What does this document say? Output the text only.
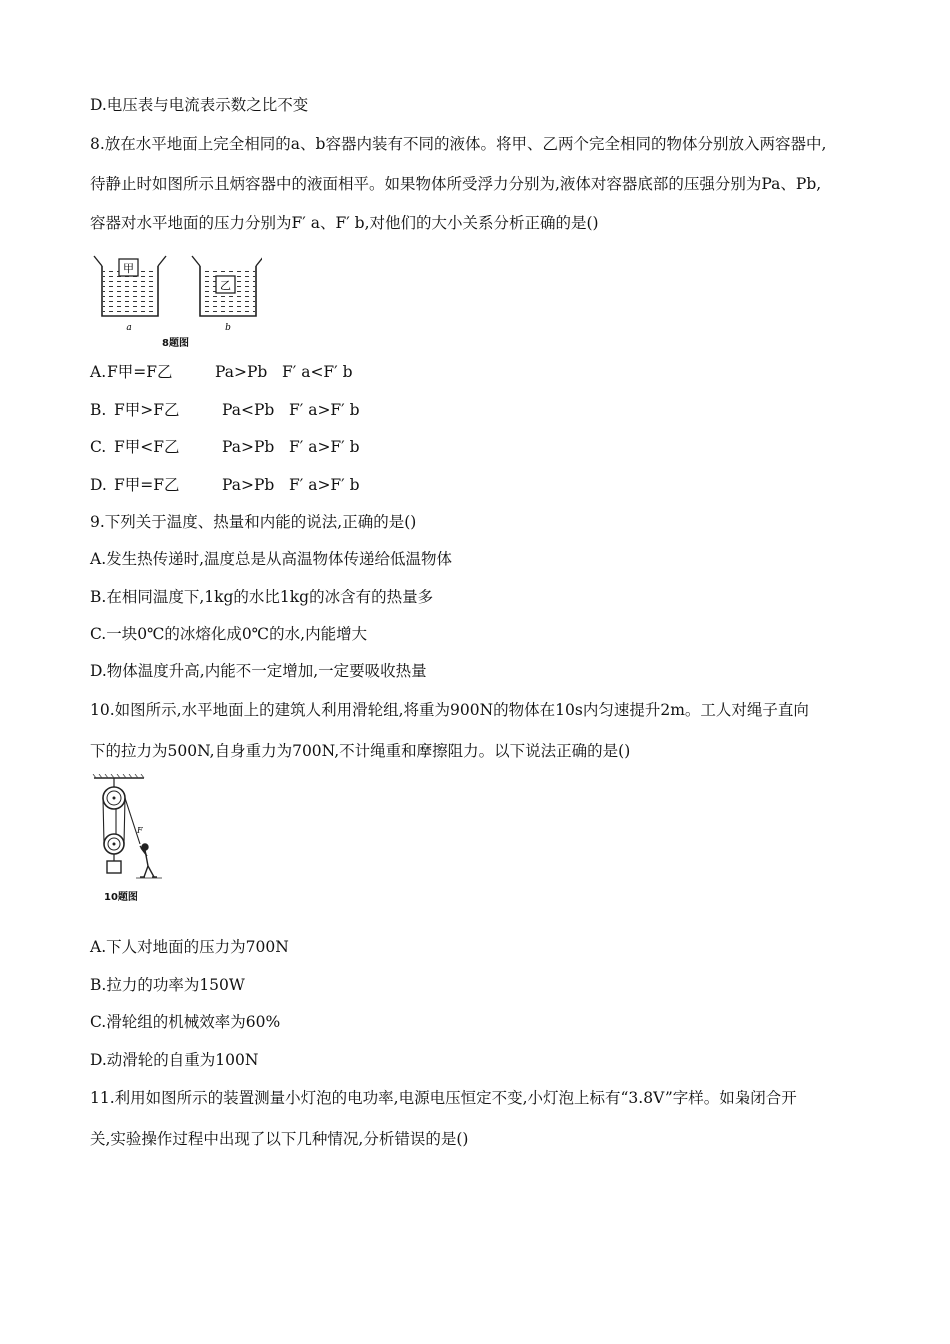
D.电压表与电流表示数之比不变
8.放在水平地面上完全相同的a、b容器内装有不同的液体。将甲、乙两个完全相同的物体分别放入两容器中,
待静止时如图所示且炳容器中的液面相平。如果物体所受浮力分别为,液体对容器底部的压强分别为Pa、Pb,
容器对水平地面的压力分别为F′ a、F′ b,对他们的大小关系分析正确的是()
甲
a
乙
b
8题图
A. F甲=F乙	Pa>Pb F′ a<F′ b
B. F甲>F乙	Pa<Pb F′ a>F′ b
C. F甲<F乙	Pa>Pb F′ a>F′ b
D. F甲=F乙	Pa>Pb F′ a>F′ b
9.下列关于温度、热量和内能的说法,正确的是()
A.发生热传递时,温度总是从高温物体传递给低温物体
B.在相同温度下,1kg的水比1kg的冰含有的热量多
C.一块0℃的冰熔化成0℃的水,内能增大
D.物体温度升高,内能不一定增加,一定要吸收热量
10.如图所示,水平地面上的建筑人利用滑轮组,将重为900N的物体在10s内匀速提升2m。工人对绳子直向
下的拉力为500N,自身重力为700N,不计绳重和摩擦阻力。以下说法正确的是()
F
10题图
A.下人对地面的压力为700N
B.拉力的功率为150W
C.滑轮组的机械效率为60%
D.动滑轮的自重为100N
11.利用如图所示的装置测量小灯泡的电功率,电源电压恒定不变,小灯泡上标有“3.8V”字样。如枭闭合开
关,实验操作过程中出现了以下几种情况,分析错误的是()
